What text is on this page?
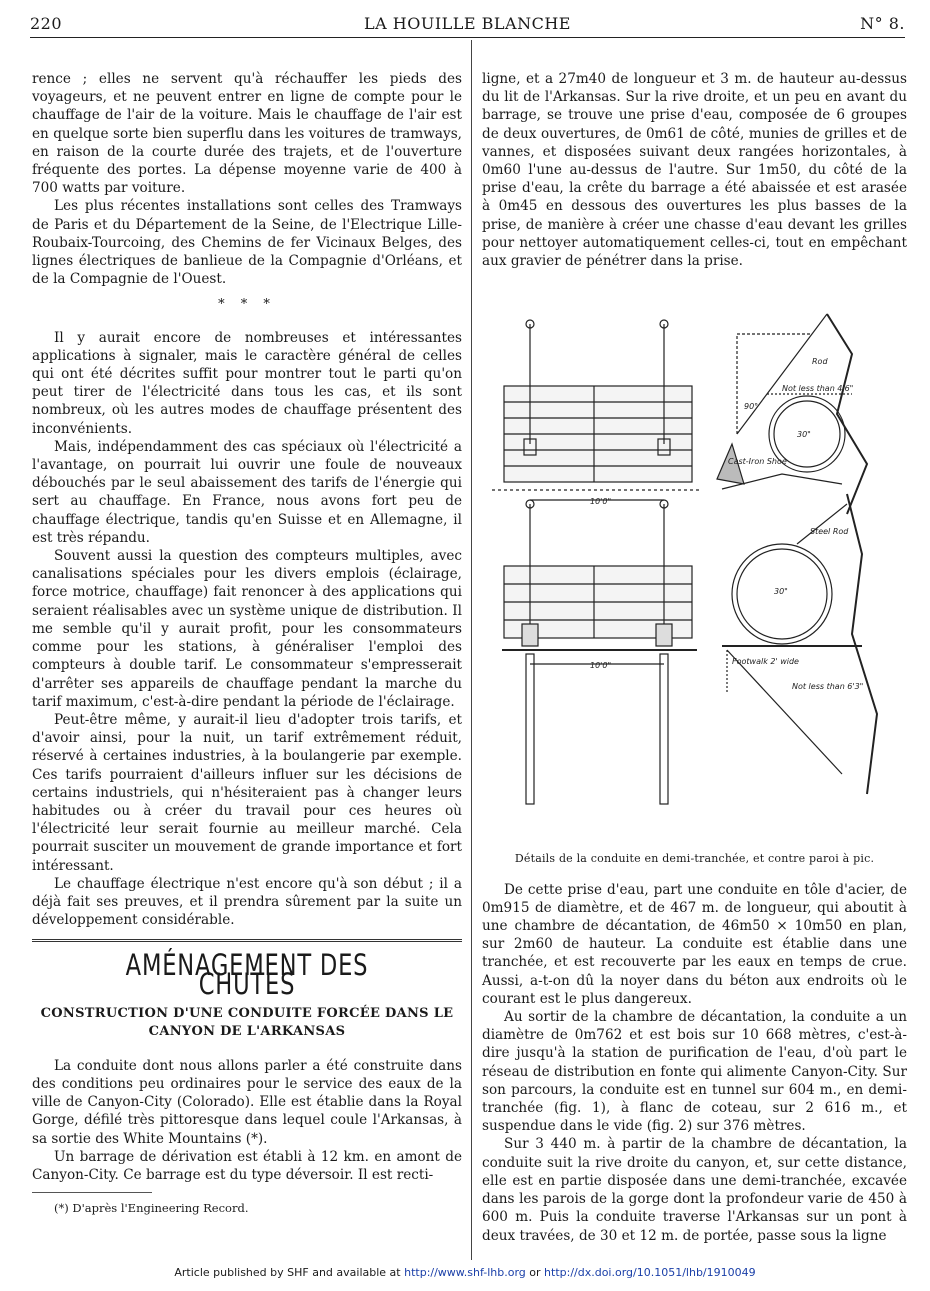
220	LA HOUILLE BLANCHE	N° 8.

rence ; elles ne servent qu'à réchauffer les pieds des voyageurs, et ne peuvent entrer en ligne de compte pour le chauffage de l'air de la voiture. Mais le chauffage de l'air est en quelque sorte bien superflu dans les voitures de tramways, en raison de la courte durée des trajets, et de l'ouverture fréquente des portes. La dépense moyenne varie de 400 à 700 watts par voiture.

Les plus récentes installations sont celles des Tramways de Paris et du Département de la Seine, de l'Electrique Lille-Roubaix-Tourcoing, des Chemins de fer Vicinaux Belges, des lignes électriques de banlieue de la Compagnie d'Orléans, et de la Compagnie de l'Ouest.

* * *

Il y aurait encore de nombreuses et intéressantes applications à signaler, mais le caractère général de celles qui ont été décrites suffit pour montrer tout le parti qu'on peut tirer de l'électricité dans tous les cas, et ils sont nombreux, où les autres modes de chauffage présentent des inconvénients.

Mais, indépendamment des cas spéciaux où l'électricité a l'avantage, on pourrait lui ouvrir une foule de nouveaux débouchés par le seul abaissement des tarifs de l'énergie qui sert au chauffage. En France, nous avons fort peu de chauffage électrique, tandis qu'en Suisse et en Allemagne, il est très répandu.

Souvent aussi la question des compteurs multiples, avec canalisations spéciales pour les divers emplois (éclairage, force motrice, chauffage) fait renoncer à des applications qui seraient réalisables avec un système unique de distribution. Il me semble qu'il y aurait profit, pour les consommateurs comme pour les stations, à généraliser l'emploi des compteurs à double tarif. Le consommateur s'empresserait d'arrêter ses appareils de chauffage pendant la marche du tarif maximum, c'est-à-dire pendant la période de l'éclairage.

Peut-être même, y aurait-il lieu d'adopter trois tarifs, et d'avoir ainsi, pour la nuit, un tarif extrêmement réduit, réservé à certaines industries, à la boulangerie par exemple. Ces tarifs pourraient d'ailleurs influer sur les décisions de certains industriels, qui n'hésiteraient pas à changer leurs habitudes ou à créer du travail pour ces heures où l'électricité leur serait fournie au meilleur marché. Cela pourrait susciter un mouvement de grande importance et fort intéressant.

Le chauffage électrique n'est encore qu'à son début ; il a déjà fait ses preuves, et il prendra sûrement par la suite un développement considérable.

AMÉNAGEMENT DES CHUTES
CONSTRUCTION D'UNE CONDUITE FORCÉE DANS LE CANYON DE L'ARKANSAS

La conduite dont nous allons parler a été construite dans des conditions peu ordinaires pour le service des eaux de la ville de Canyon-City (Colorado). Elle est établie dans la Royal Gorge, défilé très pittoresque dans lequel coule l'Arkansas, à sa sortie des White Mountains (*).

Un barrage de dérivation est établi à 12 km. en amont de Canyon-City. Ce barrage est du type déversoir. Il est recti-

(*) D'après l'Engineering Record.

ligne, et a 27m40 de longueur et 3 m. de hauteur au-dessus du lit de l'Arkansas. Sur la rive droite, et un peu en avant du barrage, se trouve une prise d'eau, composée de 6 groupes de deux ouvertures, de 0m61 de côté, munies de grilles et de vannes, et disposées suivant deux rangées horizontales, à 0m60 l'une au-dessus de l'autre. Sur 1m50, du côté de la prise d'eau, la crête du barrage a été abaissée et est arasée à 0m45 en dessous des ouvertures les plus basses de la prise, de manière à créer une chasse d'eau devant les grilles pour nettoyer automatiquement celles-ci, tout en empêchant aux gravier de pénétrer dans la prise.

Rod
Not less than 4'6"
30"
90°
Cast-Iron Shoe
10'0"
Steel Rod
30"
10'0"	Footwalk 2' wide
Not less than 6'3"
Détails de la conduite en demi-tranchée, et contre paroi à pic.

De cette prise d'eau, part une conduite en tôle d'acier, de 0m915 de diamètre, et de 467 m. de longueur, qui aboutit à une chambre de décantation, de 46m50 × 10m50 en plan, sur 2m60 de hauteur. La conduite est établie dans une tranchée, et est recouverte par les eaux en temps de crue. Aussi, a-t-on dû la noyer dans du béton aux endroits où le courant est le plus dangereux.

Au sortir de la chambre de décantation, la conduite a un diamètre de 0m762 et est bois sur 10 668 mètres, c'est-à-dire jusqu'à la station de purification de l'eau, d'où part le réseau de distribution en fonte qui alimente Canyon-City. Sur son parcours, la conduite est en tunnel sur 604 m., en demi-tranchée (fig. 1), à flanc de coteau, sur 2 616 m., et suspendue dans le vide (fig. 2) sur 376 mètres.

Sur 3 440 m. à partir de la chambre de décantation, la conduite suit la rive droite du canyon, et, sur cette distance, elle est en partie disposée dans une demi-tranchée, excavée dans les parois de la gorge dont la profondeur varie de 450 à 600 m. Puis la conduite traverse l'Arkansas sur un pont à deux travées, de 30 et 12 m. de portée, passe sous la ligne

Article published by SHF and available at http://www.shf-lhb.org or http://dx.doi.org/10.1051/lhb/1910049
